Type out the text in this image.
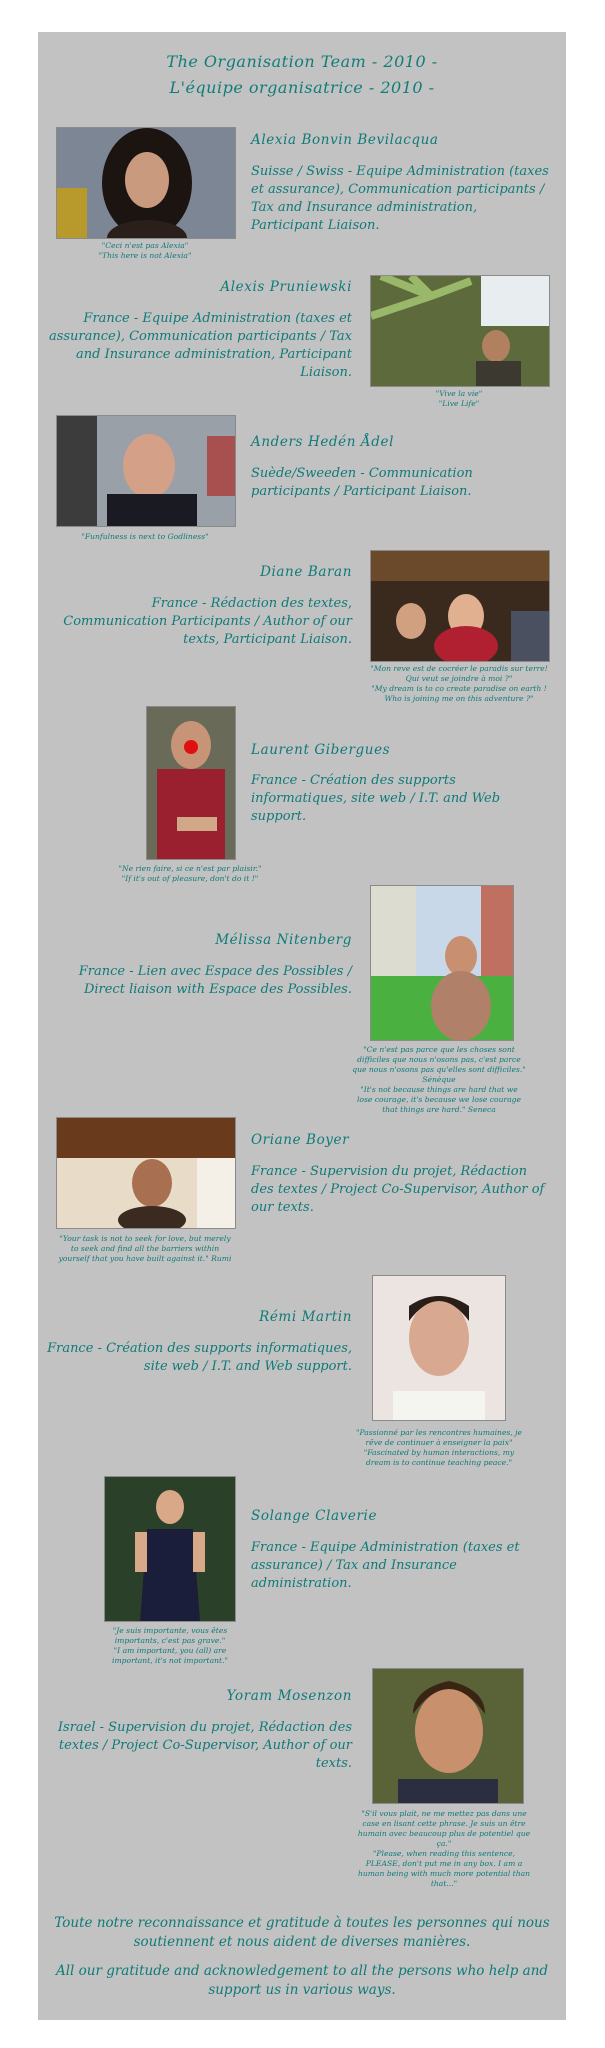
The Organisation Team - 2010 -
L'équipe organisatrice - 2010 -
"Ceci n'est pas Alexia"
"This here is not Alexia"
Alexia Bonvin Bevilacqua
Suisse / Swiss - Equipe Administration (taxes et assurance), Communication participants / Tax and Insurance administration, Participant Liaison.
Alexis Pruniewski
France - Equipe Administration (taxes et assurance), Communication participants / Tax and Insurance administration, Participant Liaison.
"Vive la vie"
"Live Life"
"Funfulness is next to Godliness"
Anders Hedén Ådel
Suède/Sweeden - Communication participants / Participant Liaison.
Diane Baran
France - Rédaction des textes, Communication Participants / Author of our texts, Participant Liaison.
"Mon reve est de cocréer le paradis sur terre! Qui veut se joindre à moi ?"
"My dream is to co create paradise on earth ! Who is joining me on this adventure ?"
"Ne rien faire, si ce n'est par plaisir."
"If it's out of pleasure, don't do it !"
Laurent Gibergues
France - Création des supports informatiques, site web / I.T. and Web support.
Mélissa Nitenberg
France - Lien avec Espace des Possibles / Direct liaison with Espace des Possibles.
"Ce n'est pas parce que les choses sont difficiles que nous n'osons pas, c'est parce que nous n'osons pas qu'elles sont difficiles." Sénèque
"It's not because things are hard that we lose courage, it's because we lose courage that things are hard." Seneca
"Your task is not to seek for love, but merely to seek and find all the barriers within yourself that you have built against it." Rumi
Oriane Boyer
France - Supervision du projet, Rédaction des textes / Project Co-Supervisor, Author of our texts.
Rémi Martin
France - Création des supports informatiques, site web / I.T. and Web support.
"Passionné par les rencontres humaines, je rêve de continuer à enseigner la paix"
"Fascinated by human interactions, my dream is to continue teaching peace."
"Je suis importante, vous êtes importants, c'est pas grave."
"I am important, you (all) are important, it's not important."
Solange Claverie
France - Equipe Administration (taxes et assurance) / Tax and Insurance administration.
Yoram Mosenzon
Israel - Supervision du projet, Rédaction des textes / Project Co-Supervisor, Author of our texts.
"S'il vous plait, ne me mettez pas dans une case en lisant cette phrase. Je suis un être humain avec beaucoup plus de potentiel que ça."
"Please, when reading this sentence, PLEASE, don't put me in any box. I am a human being with much more potential than that..."
Toute notre reconnaissance et gratitude à toutes les personnes qui nous soutiennent et nous aident de diverses manières.
All our gratitude and acknowledgement to all the persons who help and support us in various ways.
